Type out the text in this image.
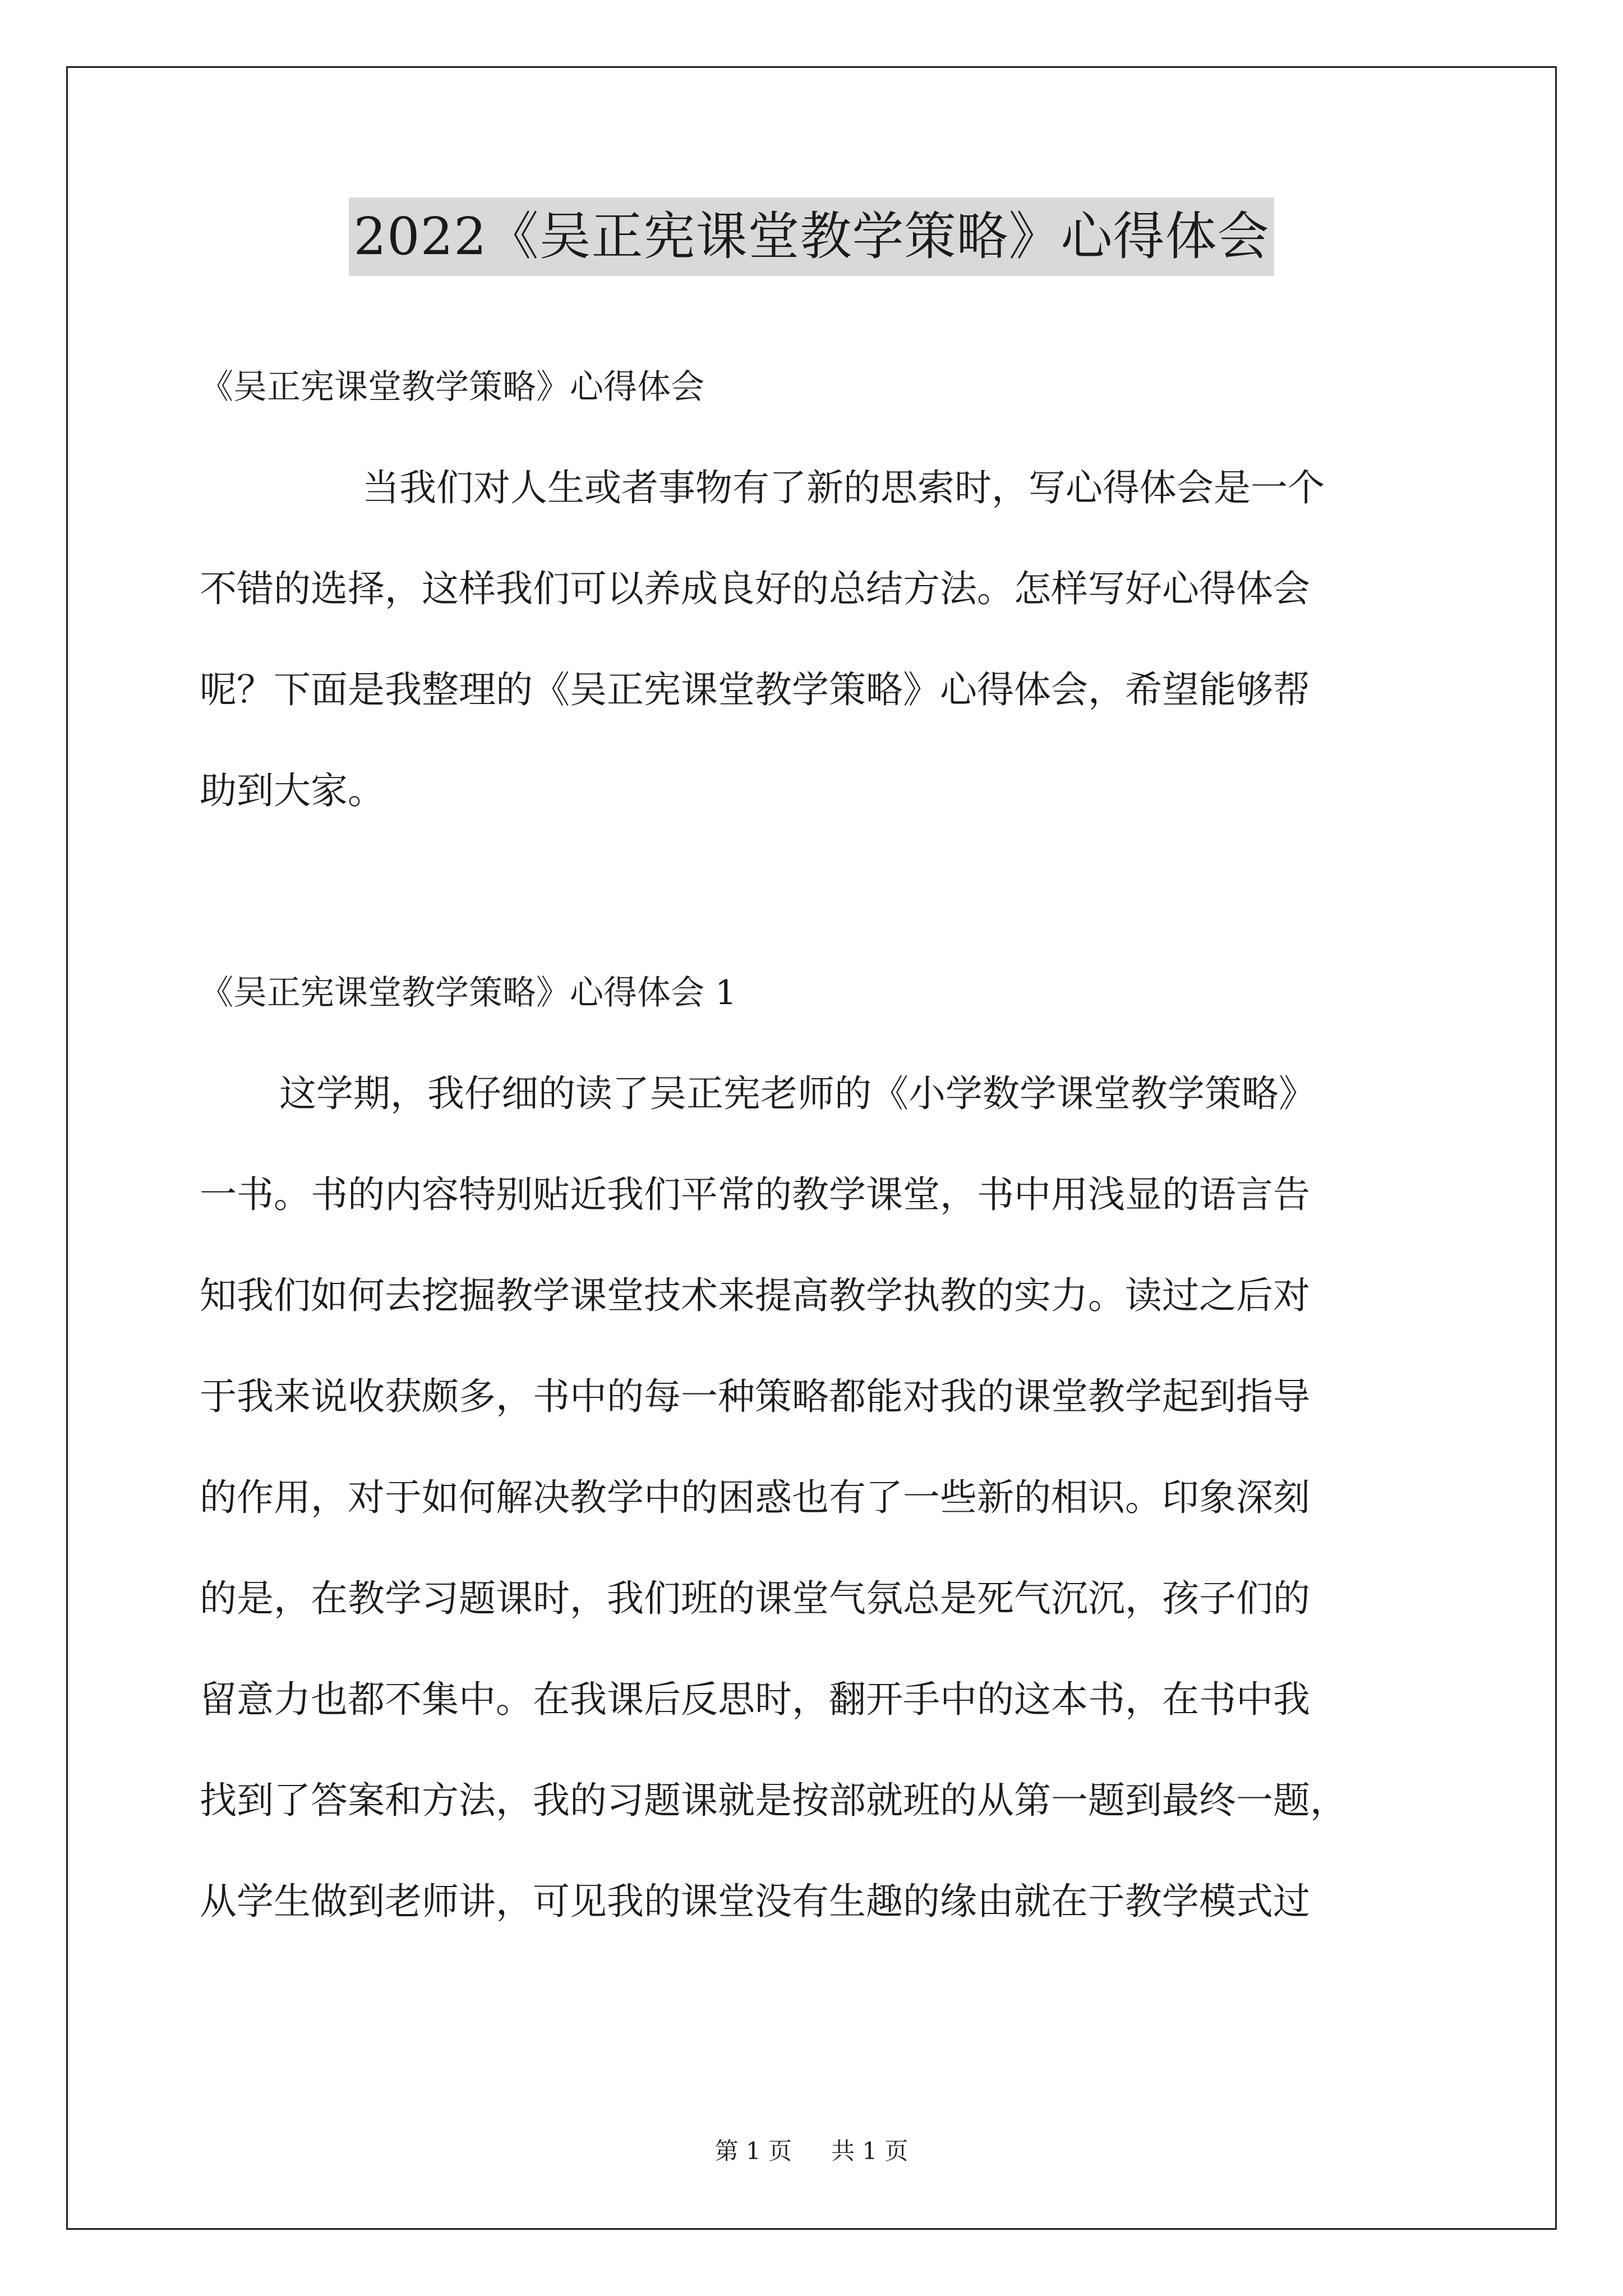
2022《吴正宪课堂教学策略》心得体会

《吴正宪课堂教学策略》心得体会

当我们对人生或者事物有了新的思索时，写心得体会是一个

不错的选择，这样我们可以养成良好的总结方法。怎样写好心得体会

呢？下面是我整理的《吴正宪课堂教学策略》心得体会，希望能够帮

助到大家。

《吴正宪课堂教学策略》心得体会 1

这学期，我仔细的读了吴正宪老师的《小学数学课堂教学策略》

一书。书的内容特别贴近我们平常的教学课堂，书中用浅显的语言告

知我们如何去挖掘教学课堂技术来提高教学执教的实力。读过之后对

于我来说收获颇多，书中的每一种策略都能对我的课堂教学起到指导

的作用，对于如何解决教学中的困惑也有了一些新的相识。印象深刻

的是，在教学习题课时，我们班的课堂气氛总是死气沉沉，孩子们的

留意力也都不集中。在我课后反思时，翻开手中的这本书，在书中我

找到了答案和方法，我的习题课就是按部就班的从第一题到最终一题，

从学生做到老师讲，可见我的课堂没有生趣的缘由就在于教学模式过

第 1 页 共 1 页
